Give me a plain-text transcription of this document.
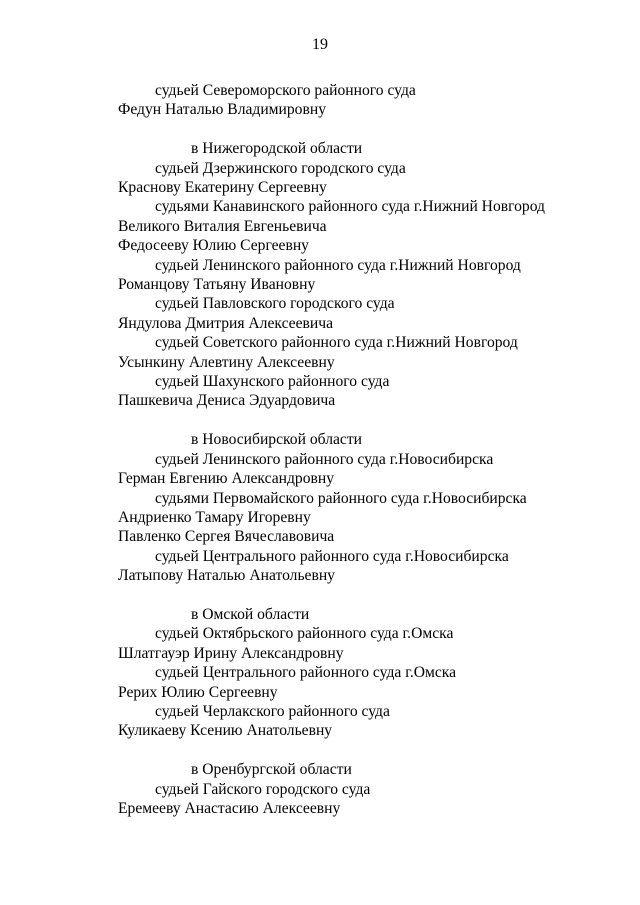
19
судьей Североморского районного суда
Федун Наталью Владимировну
в Нижегородской области
судьей Дзержинского городского суда
Краснову Екатерину Сергеевну
судьями Канавинского районного суда г.Нижний Новгород
Великого Виталия Евгеньевича
Федосееву Юлию Сергеевну
судьей Ленинского районного суда г.Нижний Новгород
Романцову Татьяну Ивановну
судьей Павловского городского суда
Яндулова Дмитрия Алексеевича
судьей Советского районного суда г.Нижний Новгород
Усынкину Алевтину Алексеевну
судьей Шахунского районного суда
Пашкевича Дениса Эдуардовича
в Новосибирской области
судьей Ленинского районного суда г.Новосибирска
Герман Евгению Александровну
судьями Первомайского районного суда г.Новосибирска
Андриенко Тамару Игоревну
Павленко Сергея Вячеславовича
судьей Центрального районного суда г.Новосибирска
Латыпову Наталью Анатольевну
в Омской области
судьей Октябрьского районного суда г.Омска
Шлатгауэр Ирину Александровну
судьей Центрального районного суда г.Омска
Рерих Юлию Сергеевну
судьей Черлакского районного суда
Куликаеву Ксению Анатольевну
в Оренбургской области
судьей Гайского городского суда
Еремееву Анастасию Алексеевну
